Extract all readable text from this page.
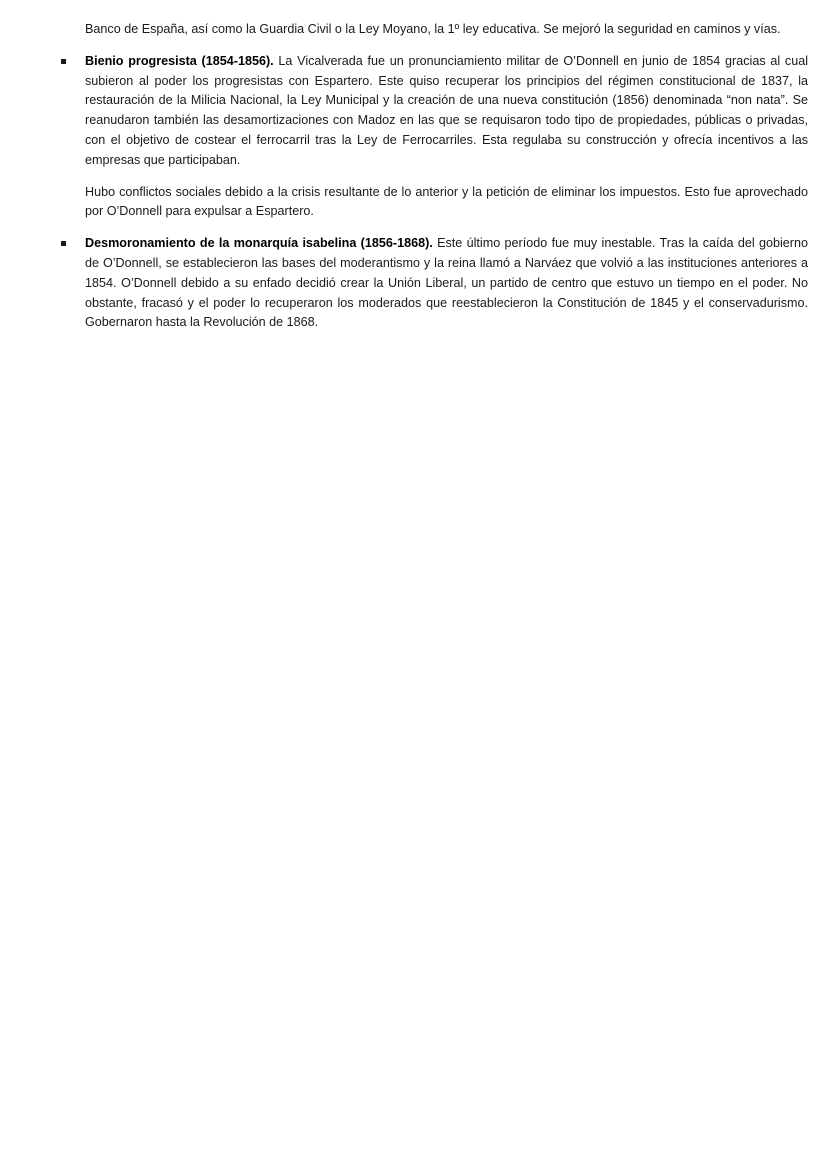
Banco de España, así como la Guardia Civil o la Ley Moyano, la 1º ley educativa. Se mejoró la seguridad en caminos y vías.

Bienio progresista (1854-1856). La Vicalverada fue un pronunciamiento militar de O’Donnell en junio de 1854 gracias al cual subieron al poder los progresistas con Espartero. Este quiso recuperar los principios del régimen constitucional de 1837, la restauración de la Milicia Nacional, la Ley Municipal y la creación de una nueva constitución (1856) denominada “non nata”. Se reanudaron también las desamortizaciones con Madoz en las que se requisaron todo tipo de propiedades, públicas o privadas, con el objetivo de costear el ferrocarril tras la Ley de Ferrocarriles. Esta regulaba su construcción y ofrecía incentivos a las empresas que participaban.

Hubo conflictos sociales debido a la crisis resultante de lo anterior y la petición de eliminar los impuestos. Esto fue aprovechado por O’Donnell para expulsar a Espartero.

Desmoronamiento de la monarquía isabelina (1856-1868). Este último período fue muy inestable. Tras la caída del gobierno de O’Donnell, se establecieron las bases del moderantismo y la reina llamó a Narváez que volvió a las instituciones anteriores a 1854. O’Donnell debido a su enfado decidió crear la Unión Liberal, un partido de centro que estuvo un tiempo en el poder. No obstante, fracasó y el poder lo recuperaron los moderados que reestablecieron la Constitución de 1845 y el conservadurismo. Gobernaron hasta la Revolución de 1868.
